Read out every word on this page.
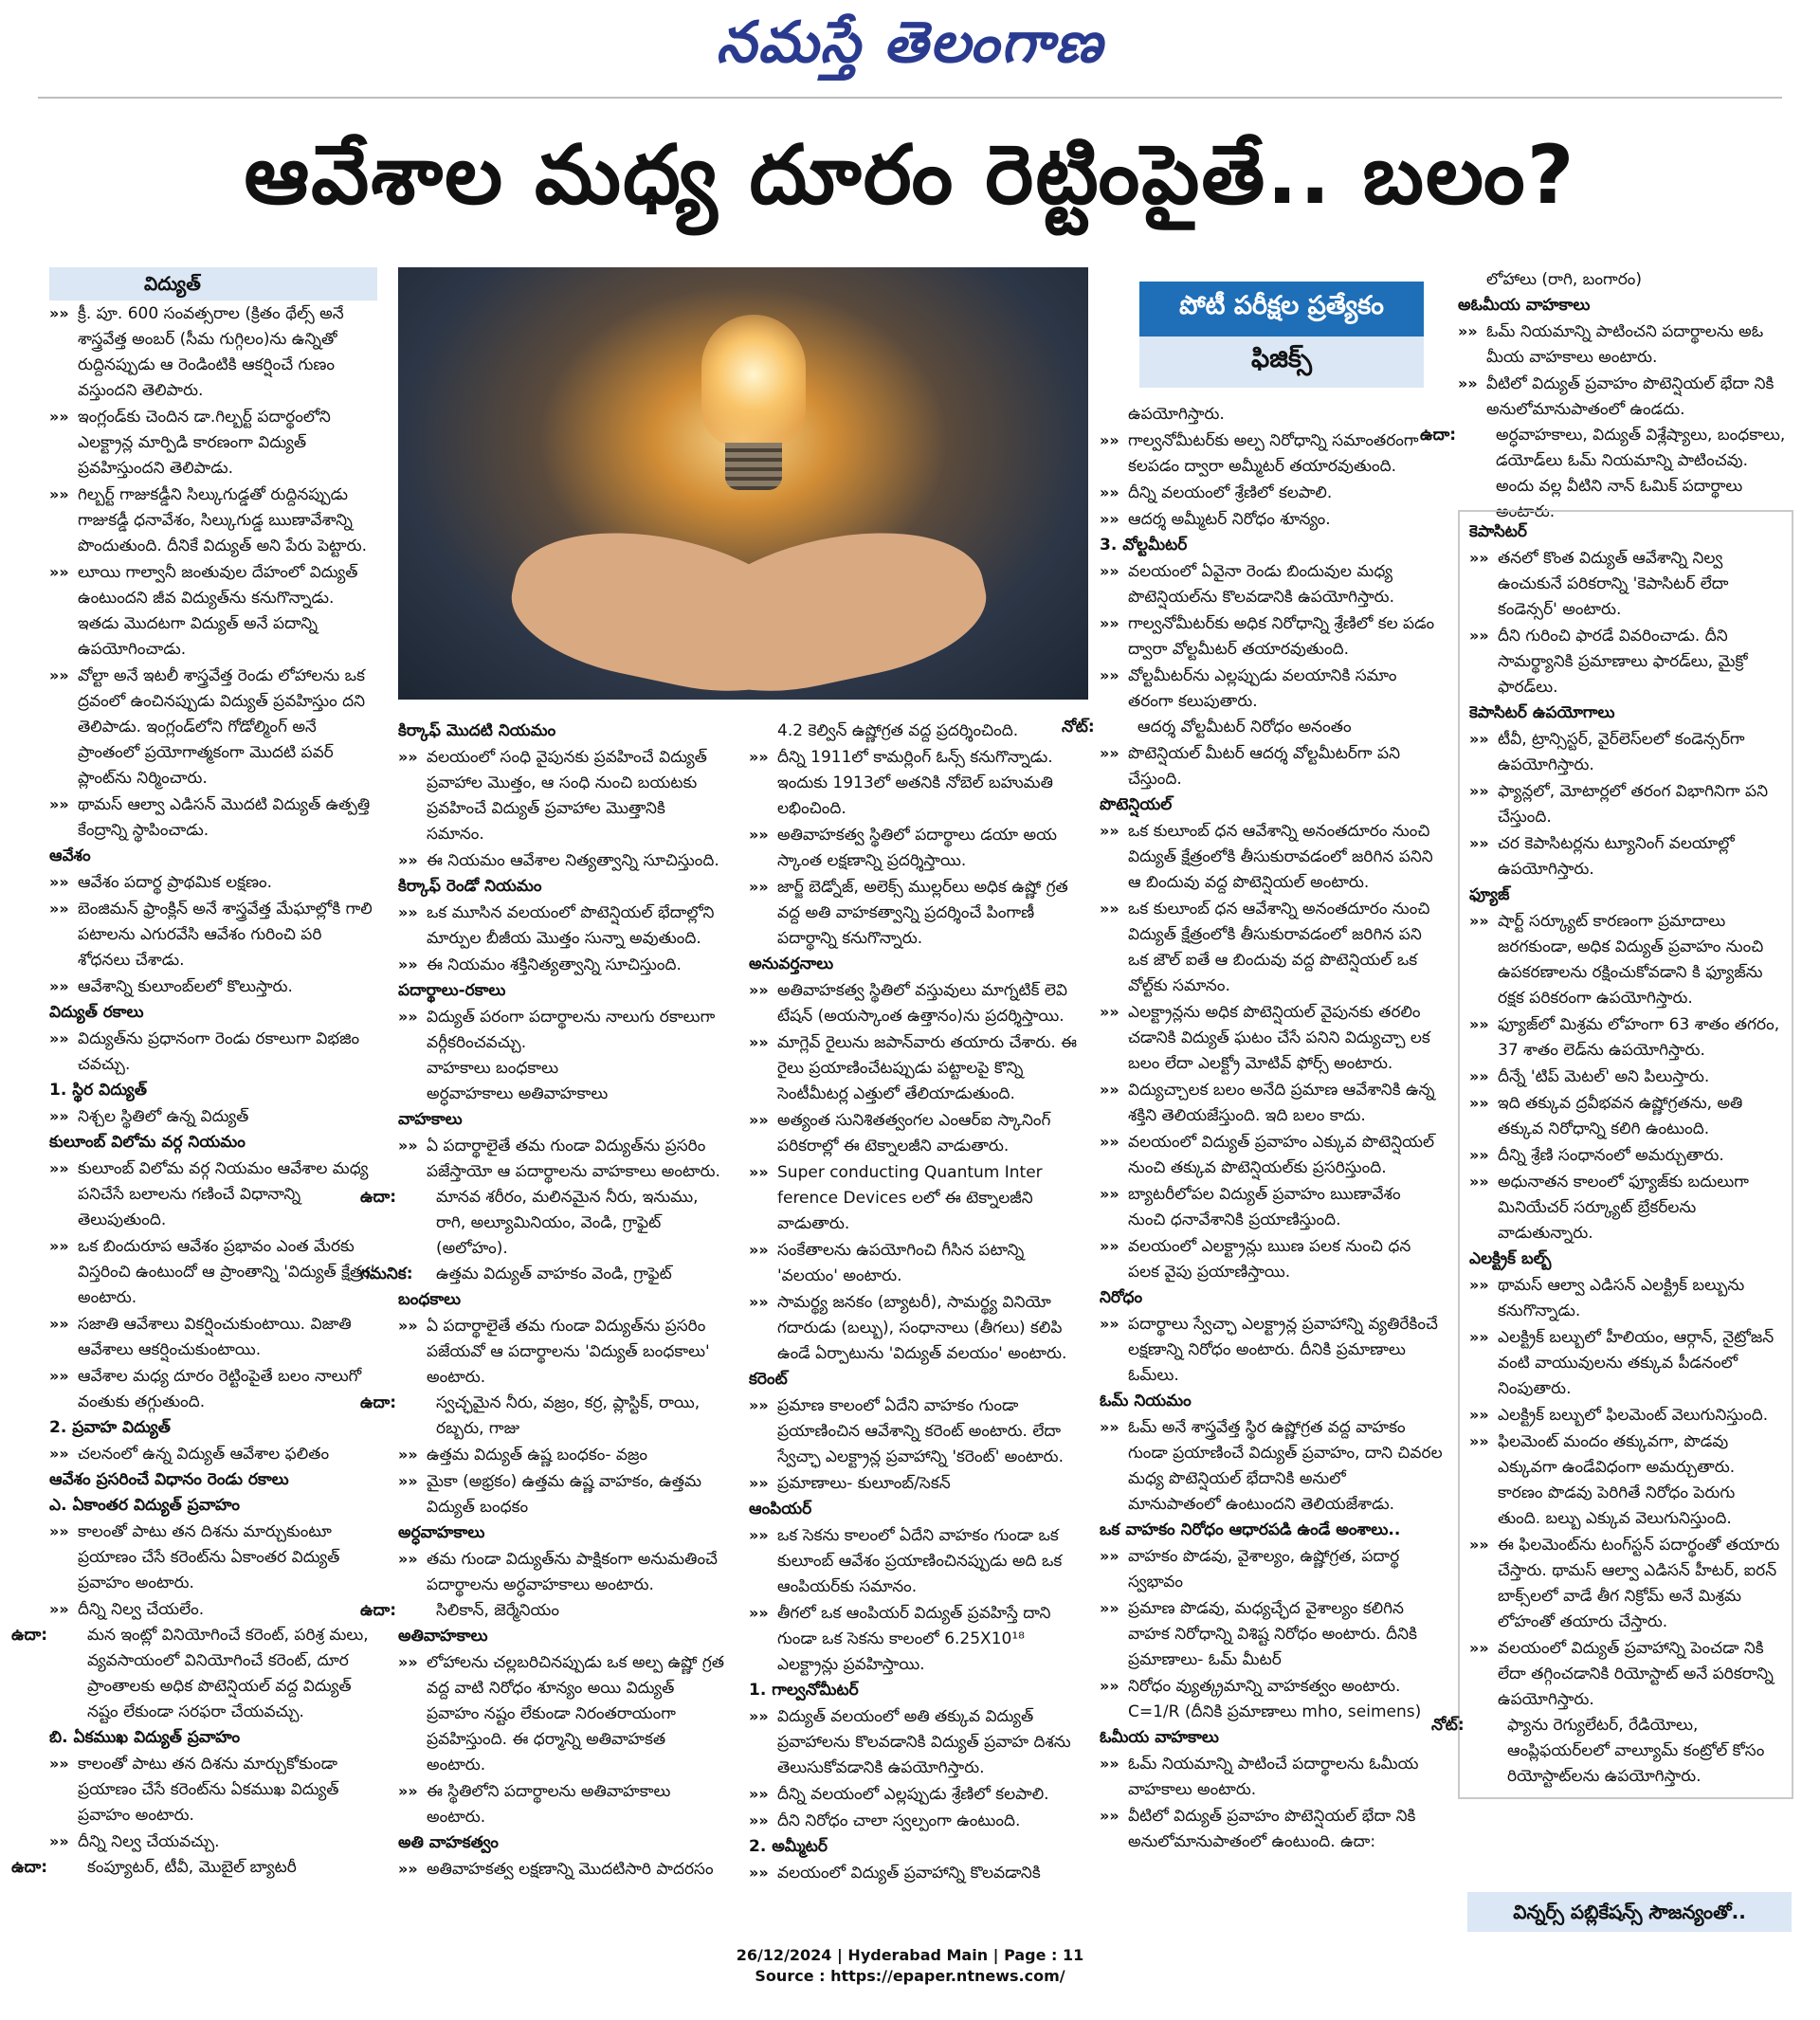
నమస్తే తెలంగాణ
ఆవేశాల మధ్య దూరం రెట్టింపైతే.. బలం?

విద్యుత్

»» క్రీ. పూ. 600 సంవత్సరాల (క్రితం థేల్స్ అనే శాస్త్రవేత్త అంబర్ (సీమ గుగ్గిలం)ను ఉన్నితో రుద్దినప్పుడు ఆ రెండింటికి ఆకర్షించే గుణం వస్తుందని తెలిపారు.

»» ఇంగ్లండ్‌కు చెందిన డా.గిల్బర్ట్ పదార్థంలోని ఎలక్ట్రాన్ల మార్పిడి కారణంగా విద్యుత్ ప్రవహిస్తుందని తెలిపాడు.

»» గిల్బర్ట్ గాజుకడ్డీని సిల్కుగుడ్డతో రుద్దినప్పుడు గాజుకడ్డీ ధనావేశం, సిల్కుగుడ్డ ఋణావేశాన్ని పొందుతుంది. దీనికే విద్యుత్ అని పేరు పెట్టారు.

»» లూయి గాల్వానీ జంతువుల దేహంలో విద్యుత్ ఉంటుందని జీవ విద్యుత్‌ను కనుగొన్నాడు. ఇతడు మొదటగా విద్యుత్ అనే పదాన్ని ఉపయోగించాడు.

»» వోల్టా అనే ఇటలీ శాస్త్రవేత్త రెండు లోహాలను ఒక ద్రవంలో ఉంచినప్పుడు విద్యుత్ ప్రవహిస్తుం దని తెలిపాడు. ఇంగ్లండ్‌లోని గోడోల్మింగ్ అనే ప్రాంతంలో ప్రయోగాత్మకంగా మొదటి పవర్ ప్లాంట్‌ను నిర్మించారు.

»» థామస్ ఆల్వా ఎడిసన్ మొదటి విద్యుత్ ఉత్పత్తి కేంద్రాన్ని స్థాపించాడు.

ఆవేశం

»» ఆవేశం పదార్థ ప్రాథమిక లక్షణం.

»» బెంజిమన్ ఫ్రాంక్లిన్ అనే శాస్త్రవేత్త మేఘాల్లోకి గాలి పటాలను ఎగురవేసి ఆవేశం గురించి పరి శోధనలు చేశాడు.

»» ఆవేశాన్ని కులూంబ్‌లలో కొలుస్తారు.

విద్యుత్ రకాలు

»» విద్యుత్‌ను ప్రధానంగా రెండు రకాలుగా విభజిం చవచ్చు.

1. స్థిర విద్యుత్

»» నిశ్చల స్థితిలో ఉన్న విద్యుత్

కులూంబ్ విలోమ వర్గ నియమం

»» కులూంబ్ విలోమ వర్గ నియమం ఆవేశాల మధ్య పనిచేసే బలాలను గణించే విధానాన్ని తెలుపుతుంది.

»» ఒక బిందురూప ఆవేశం ప్రభావం ఎంత మేరకు విస్తరించి ఉంటుందో ఆ ప్రాంతాన్ని 'విద్యుత్ క్షేత్రం' అంటారు.

»» సజాతి ఆవేశాలు వికర్షించుకుంటాయి. విజాతి ఆవేశాలు ఆకర్షించుకుంటాయి.

»» ఆవేశాల మధ్య దూరం రెట్టింపైతే బలం నాలుగో వంతుకు తగ్గుతుంది.

2. ప్రవాహ విద్యుత్

»» చలనంలో ఉన్న విద్యుత్ ఆవేశాల ఫలితం

ఆవేశం ప్రసరించే విధానం రెండు రకాలు

ఎ. ఏకాంతర విద్యుత్ ప్రవాహం

»» కాలంతో పాటు తన దిశను మార్చుకుంటూ ప్రయాణం చేసే కరెంట్‌ను ఏకాంతర విద్యుత్ ప్రవాహం అంటారు.

»» దీన్ని నిల్వ చేయలేం.

ఉదా:మన ఇంట్లో వినియోగించే కరెంట్, పరిశ్ర మలు, వ్యవసాయంలో వినియోగించే కరెంట్, దూర ప్రాంతాలకు అధిక పొటెన్షియల్ వద్ద విద్యుత్ నష్టం లేకుండా సరఫరా చేయవచ్చు.

బి. ఏకముఖ విద్యుత్ ప్రవాహం

»» కాలంతో పాటు తన దిశను మార్చుకోకుండా ప్రయాణం చేసే కరెంట్‌ను ఏకముఖ విద్యుత్ ప్రవాహం అంటారు.

»» దీన్ని నిల్వ చేయవచ్చు.

ఉదా:కంప్యూటర్, టీవీ, మొబైల్ బ్యాటరీ

కిర్కాఫ్ మొదటి నియమం

»» వలయంలో సంధి వైపునకు ప్రవహించే విద్యుత్ ప్రవాహాల మొత్తం, ఆ సంధి నుంచి బయటకు ప్రవహించే విద్యుత్ ప్రవాహాల మొత్తానికి సమానం.

»» ఈ నియమం ఆవేశాల నిత్యత్వాన్ని సూచిస్తుంది.

కిర్కాఫ్ రెండో నియమం

»» ఒక మూసిన వలయంలో పొటెన్షియల్ భేదాల్లోని మార్పుల బీజీయ మొత్తం సున్నా అవుతుంది.

»» ఈ నియమం శక్తినిత్యత్వాన్ని సూచిస్తుంది.

పదార్థాలు-రకాలు

»» విద్యుత్ పరంగా పదార్థాలను నాలుగు రకాలుగా వర్గీకరించవచ్చు.

వాహకాలు బంధకాలు

అర్ధవాహకాలు అతివాహకాలు

వాహకాలు

»» ఏ పదార్థాలైతే తమ గుండా విద్యుత్‌ను ప్రసరిం పజేస్తాయో ఆ పదార్థాలను వాహకాలు అంటారు.

ఉదా:మానవ శరీరం, మలినమైన నీరు, ఇనుము, రాగి, అల్యూమినియం, వెండి, గ్రాఫైట్ (అలోహం).

గమనిక:ఉత్తమ విద్యుత్ వాహకం వెండి, గ్రాఫైట్

బంధకాలు

»» ఏ పదార్థాలైతే తమ గుండా విద్యుత్‌ను ప్రసరిం పజేయవో ఆ పదార్థాలను 'విద్యుత్ బంధకాలు' అంటారు.

ఉదా:స్వచ్ఛమైన నీరు, వజ్రం, కర్ర, ప్లాస్టిక్, రాయి, రబ్బరు, గాజు

»» ఉత్తమ విద్యుత్ ఉష్ణ బంధకం- వజ్రం

»» మైకా (అభ్రకం) ఉత్తమ ఉష్ణ వాహకం, ఉత్తమ విద్యుత్ బంధకం

అర్ధవాహకాలు

»» తమ గుండా విద్యుత్‌ను పాక్షికంగా అనుమతించే పదార్థాలను అర్ధవాహకాలు అంటారు.

ఉదా:సిలికాన్, జెర్మేనియం

అతివాహకాలు

»» లోహాలను చల్లబరిచినప్పుడు ఒక అల్ప ఉష్ణో గ్రత వద్ద వాటి నిరోధం శూన్యం అయి విద్యుత్ ప్రవాహం నష్టం లేకుండా నిరంతరాయంగా ప్రవహిస్తుంది. ఈ ధర్మాన్ని అతివాహకత అంటారు.

»» ఈ స్థితిలోని పదార్థాలను అతివాహకాలు అంటారు.

అతి వాహకత్వం

»» అతివాహకత్వ లక్షణాన్ని మొదటిసారి పాదరసం

4.2 కెల్విన్ ఉష్ణోగ్రత వద్ద ప్రదర్శించింది.

»» దీన్ని 1911లో కామర్లింగ్ ఓన్స్ కనుగొన్నాడు. ఇందుకు 1913లో అతనికి నోబెల్ బహుమతి లభించింది.

»» అతివాహకత్వ స్థితిలో పదార్థాలు డయా అయ స్కాంత లక్షణాన్ని ప్రదర్శిస్తాయి.

»» జార్జ్ బెడ్నోజ్, అలెక్స్ ముల్లర్‌లు అధిక ఉష్ణో గ్రత వద్ద అతి వాహకత్వాన్ని ప్రదర్శించే పింగాణీ పదార్థాన్ని కనుగొన్నారు.

అనువర్తనాలు

»» అతివాహకత్వ స్థితిలో వస్తువులు మాగ్నటిక్ లెవి టేషన్ (అయస్కాంత ఉత్తానం)ను ప్రదర్శిస్తాయి.

»» మాగ్లెవ్ రైలును జపాన్‌వారు తయారు చేశారు. ఈ రైలు ప్రయాణించేటప్పుడు పట్టాలపై కొన్ని సెంటీమీటర్ల ఎత్తులో తేలియాడుతుంది.

»» అత్యంత సునిశితత్వంగల ఎంఆర్ఐ స్కానింగ్ పరికరాల్లో ఈ టెక్నాలజీని వాడుతారు.

»» Super conducting Quantum Inter ference Devices లలో ఈ టెక్నాలజీని వాడుతారు.

»» సంకేతాలను ఉపయోగించి గీసిన పటాన్ని 'వలయం' అంటారు.

»» సామర్థ్య జనకం (బ్యాటరీ), సామర్థ్య వినియో గదారుడు (బల్బు), సంధానాలు (తీగలు) కలిపి ఉండే ఏర్పాటును 'విద్యుత్ వలయం' అంటారు.

కరెంట్

»» ప్రమాణ కాలంలో ఏదేని వాహకం గుండా ప్రయాణించిన ఆవేశాన్ని కరెంట్ అంటారు. లేదా స్వేచ్ఛా ఎలక్ట్రాన్ల ప్రవాహాన్ని 'కరెంట్' అంటారు.

»» ప్రమాణాలు- కులూంబ్/సెకన్

ఆంపియర్

»» ఒక సెకను కాలంలో ఏదేని వాహకం గుండా ఒక కులూంబ్ ఆవేశం ప్రయాణించినప్పుడు అది ఒక ఆంపియర్‌కు సమానం.

»» తీగలో ఒక ఆంపియర్ విద్యుత్ ప్రవహిస్తే దాని గుండా ఒక సెకను కాలంలో 6.25X10¹⁸ ఎలక్ట్రాన్లు ప్రవహిస్తాయి.

1. గాల్వనోమీటర్

»» విద్యుత్ వలయంలో అతి తక్కువ విద్యుత్ ప్రవాహాలను కొలవడానికి విద్యుత్ ప్రవాహ దిశను తెలుసుకోవడానికి ఉపయోగిస్తారు.

»» దీన్ని వలయంలో ఎల్లప్పుడు శ్రేణిలో కలపాలి.

»» దీని నిరోధం చాలా స్వల్పంగా ఉంటుంది.

2. అమ్మీటర్

»» వలయంలో విద్యుత్ ప్రవాహాన్ని కొలవడానికి

పోటీ పరీక్షల ప్రత్యేకం
ఫిజిక్స్

ఉపయోగిస్తారు.

»» గాల్వనోమీటర్‌కు అల్ప నిరోధాన్ని సమాంతరంగా కలపడం ద్వారా అమ్మీటర్ తయారవుతుంది.

»» దీన్ని వలయంలో శ్రేణిలో కలపాలి.

»» ఆదర్శ అమ్మీటర్ నిరోధం శూన్యం.

3. వోల్టమీటర్

»» వలయంలో ఏవైనా రెండు బిందువుల మధ్య పొటెన్షియల్‌ను కొలవడానికి ఉపయోగిస్తారు.

»» గాల్వనోమీటర్‌కు అధిక నిరోధాన్ని శ్రేణిలో కల పడం ద్వారా వోల్టమీటర్ తయారవుతుంది.

»» వోల్టమీటర్‌ను ఎల్లప్పుడు వలయానికి సమాం తరంగా కలుపుతారు.

నోట్:	ఆదర్శ వోల్టమీటర్ నిరోధం అనంతం

»» పొటెన్షియల్ మీటర్ ఆదర్శ వోల్టమీటర్‌గా పని చేస్తుంది.

పొటెన్షియల్

»» ఒక కులూంబ్ ధన ఆవేశాన్ని అనంతదూరం నుంచి విద్యుత్ క్షేత్రంలోకి తీసుకురావడంలో జరిగిన పనిని ఆ బిందువు వద్ద పొటెన్షియల్ అంటారు.

»» ఒక కులూంబ్ ధన ఆవేశాన్ని అనంతదూరం నుంచి విద్యుత్ క్షేత్రంలోకి తీసుకురావడంలో జరిగిన పని ఒక జౌల్ ఐతే ఆ బిందువు వద్ద పొటెన్షియల్ ఒక వోల్ట్‌కు సమానం.

»» ఎలక్ట్రాన్లను అధిక పొటెన్షియల్ వైపునకు తరలిం చడానికి విద్యుత్ ఘటం చేసే పనిని విద్యుచ్చా లక బలం లేదా ఎలక్ట్రో మోటివ్ ఫోర్స్ అంటారు.

»» విద్యుచ్చాలక బలం అనేది ప్రమాణ ఆవేశానికి ఉన్న శక్తిని తెలియజేస్తుంది. ఇది బలం కాదు.

»» వలయంలో విద్యుత్ ప్రవాహం ఎక్కువ పొటెన్షియల్ నుంచి తక్కువ పొటెన్షియల్‌కు ప్రసరిస్తుంది.

»» బ్యాటరీలోపల విద్యుత్ ప్రవాహం ఋణావేశం నుంచి ధనావేశానికి ప్రయాణిస్తుంది.

»» వలయంలో ఎలక్ట్రాన్లు ఋణ పలక నుంచి ధన పలక వైపు ప్రయాణిస్తాయి.

నిరోధం

»» పదార్థాలు స్వేచ్ఛా ఎలక్ట్రాన్ల ప్రవాహాన్ని వ్యతిరేకించే లక్షణాన్ని నిరోధం అంటారు. దీనికి ప్రమాణాలు ఓమ్‌లు.

ఓమ్ నియమం

»» ఓమ్ అనే శాస్త్రవేత్త స్థిర ఉష్ణోగ్రత వద్ద వాహకం గుండా ప్రయాణించే విద్యుత్ ప్రవాహం, దాని చివరల మధ్య పొటెన్షియల్ భేదానికి అనులో మానుపాతంలో ఉంటుందని తెలియజేశాడు.

ఒక వాహకం నిరోధం ఆధారపడి ఉండే అంశాలు..

»» వాహకం పొడవు, వైశాల్యం, ఉష్ణోగ్రత, పదార్థ స్వభావం

»» ప్రమాణ పొడవు, మధ్యచ్ఛేద వైశాల్యం కలిగిన వాహక నిరోధాన్ని విశిష్ట నిరోధం అంటారు. దీనికి ప్రమాణాలు- ఓమ్ మీటర్

»» నిరోధం వ్యుత్క్రమాన్ని వాహకత్వం అంటారు. C=1/R (దీనికి ప్రమాణాలు mho, seimens)

ఓమీయ వాహకాలు

»» ఓమ్ నియమాన్ని పాటించే పదార్థాలను ఓమీయ వాహకాలు అంటారు.

»» వీటిలో విద్యుత్ ప్రవాహం పొటెన్షియల్ భేదా నికి అనులోమానుపాతంలో ఉంటుంది. ఉదా:

లోహాలు (రాగి, బంగారం)

అఓమీయ వాహకాలు

»» ఓమ్ నియమాన్ని పాటించని పదార్థాలను అఓ మీయ వాహకాలు అంటారు.

»» వీటిలో విద్యుత్ ప్రవాహం పొటెన్షియల్ భేదా నికి అనులోమానుపాతంలో ఉండదు.

ఉదా:అర్ధవాహకాలు, విద్యుత్ విశ్లేష్యాలు, బంధకాలు, డయోడ్‌లు ఓమ్ నియమాన్ని పాటించవు. అందు వల్ల వీటిని నాన్ ఓమిక్ పదార్థాలు అంటారు.

కెపాసిటర్

»» తనలో కొంత విద్యుత్ ఆవేశాన్ని నిల్వ ఉంచుకునే పరికరాన్ని 'కెపాసిటర్ లేదా కండెన్సర్' అంటారు.

»» దీని గురించి ఫారడే వివరించాడు. దీని సామర్థ్యానికి ప్రమాణాలు ఫారడ్‌లు, మైక్రో ఫారడ్‌లు.

కెపాసిటర్ ఉపయోగాలు

»» టీవీ, ట్రాన్సిస్టర్, వైర్‌లెస్‌లలో కండెన్సర్‌గా ఉపయోగిస్తారు.

»» ఫ్యాన్లలో, మోటార్లలో తరంగ విభాగినిగా పని చేస్తుంది.

»» చర కెపాసిటర్లను ట్యూనింగ్ వలయాల్లో ఉపయోగిస్తారు.

ఫ్యూజ్

»» షార్ట్ సర్క్యూట్ కారణంగా ప్రమాదాలు జరగకుండా, అధిక విద్యుత్ ప్రవాహం నుంచి ఉపకరణాలను రక్షించుకోవడాని కి ఫ్యూజ్‌ను రక్షక పరికరంగా ఉపయోగిస్తారు.

»» ఫ్యూజ్‌లో మిశ్రమ లోహంగా 63 శాతం తగరం, 37 శాతం లెడ్‌ను ఉపయోగిస్తారు.

»» దీన్నే 'టిప్ మెటల్' అని పిలుస్తారు.

»» ఇది తక్కువ ద్రవీభవన ఉష్ణోగ్రతను, అతి తక్కువ నిరోధాన్ని కలిగి ఉంటుంది.

»» దీన్ని శ్రేణి సంధానంలో అమర్చుతారు.

»» అధునాతన కాలంలో ఫ్యూజ్‌కు బదులుగా మినియేచర్ సర్క్యూట్ బ్రేకర్‌లను వాడుతున్నారు.

ఎలక్ట్రిక్ బల్బ్

»» థామస్ ఆల్వా ఎడిసన్ ఎలక్ట్రిక్ బల్బును కనుగొన్నాడు.

»» ఎలక్ట్రిక్ బల్బులో హీలియం, ఆర్గాన్, నైట్రోజన్ వంటి వాయువులను తక్కువ పీడనంలో నింపుతారు.

»» ఎలక్ట్రిక్ బల్బులో ఫిలమెంట్ వెలుగునిస్తుంది.

»» ఫిలమెంట్ మందం తక్కువగా, పొడవు ఎక్కువగా ఉండేవిధంగా అమర్చుతారు. కారణం పొడవు పెరిగితే నిరోధం పెరుగు తుంది. బల్బు ఎక్కువ వెలుగునిస్తుంది.

»» ఈ ఫిలమెంట్‌ను టంగ్‌స్టన్ పదార్థంతో తయారు చేస్తారు. థామస్ ఆల్వా ఎడిసన్ హీటర్, ఐరన్ బాక్స్‌లలో వాడే తీగ నిక్రోమ్ అనే మిశ్రమ లోహంతో తయారు చేస్తారు.

»» వలయంలో విద్యుత్ ప్రవాహాన్ని పెంచడా నికి లేదా తగ్గించడానికి రియోస్టాట్ అనే పరికరాన్ని ఉపయోగిస్తారు.

నోట్:	ఫ్యాను రెగ్యులేటర్, రేడియోలు, ఆంప్లిఫయర్‌లలో వాల్యూమ్ కంట్రోల్ కోసం రియోస్టాట్‌లను ఉపయోగిస్తారు.

విన్నర్స్ పబ్లికేషన్స్ సౌజన్యంతో..
26/12/2024 | Hyderabad Main | Page : 11
Source : https://epaper.ntnews.com/
